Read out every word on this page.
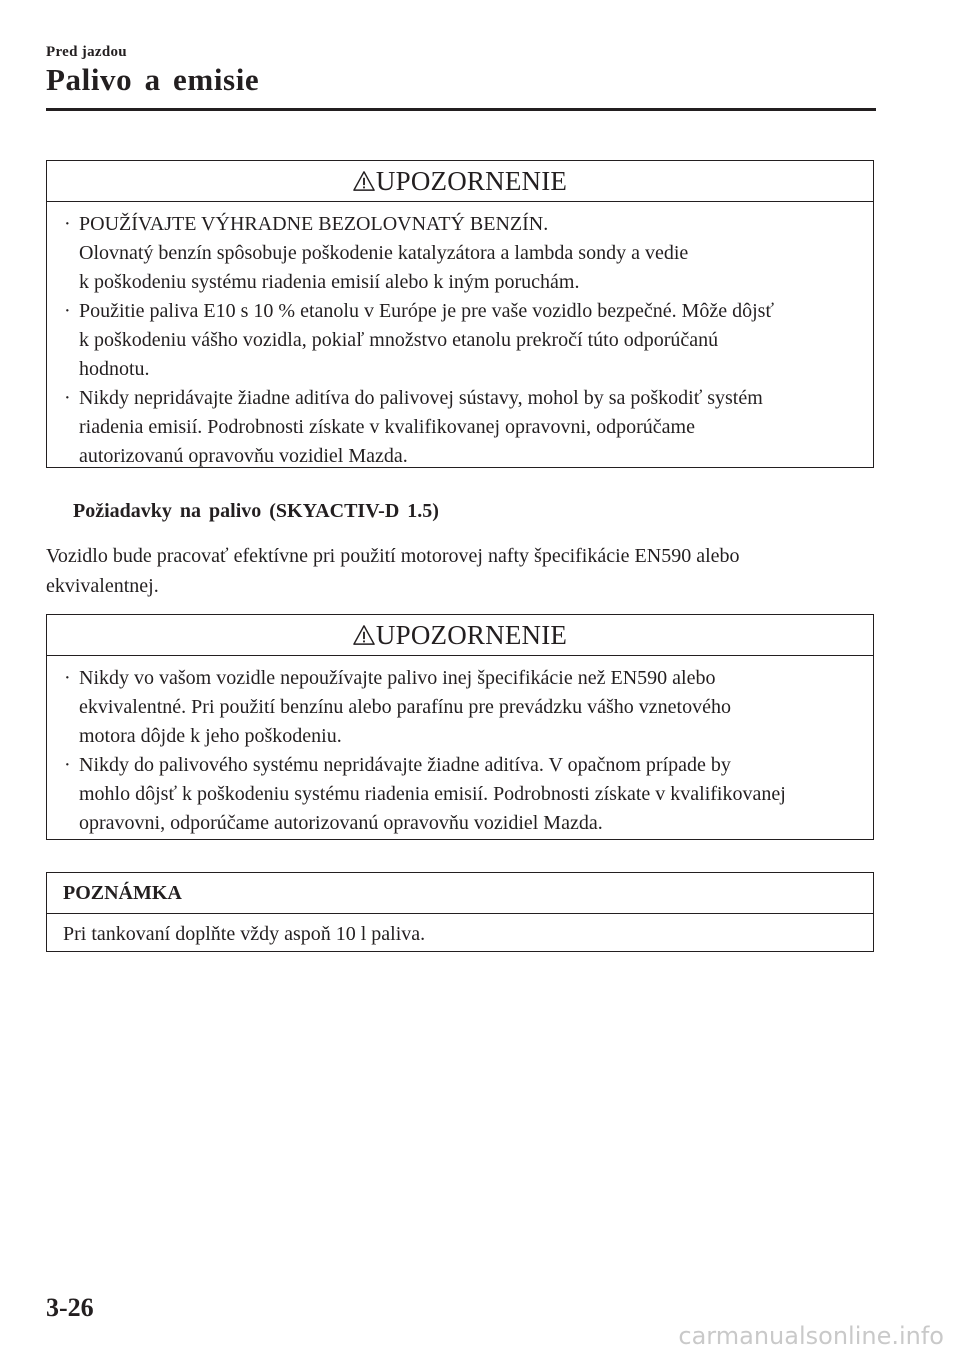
Pred jazdou
Palivo a emisie
UPOZORNENIE
· POUŽÍVAJTE VÝHRADNE BEZOLOVNATÝ BENZÍN.
Olovnatý benzín spôsobuje poškodenie katalyzátora a lambda sondy a vedie
k poškodeniu systému riadenia emisií alebo k iným poruchám.
· Použitie paliva E10 s 10 % etanolu v Európe je pre vaše vozidlo bezpečné. Môže dôjsť
k poškodeniu vášho vozidla, pokiaľ množstvo etanolu prekročí túto odporúčanú
hodnotu.
· Nikdy nepridávajte žiadne aditíva do palivovej sústavy, mohol by sa poškodiť systém
riadenia emisií. Podrobnosti získate v kvalifikovanej opravovni, odporúčame
autorizovanú opravovňu vozidiel Mazda.
Požiadavky na palivo (SKYACTIV-D 1.5)
Vozidlo bude pracovať efektívne pri použití motorovej nafty špecifikácie EN590 alebo
ekvivalentnej.
UPOZORNENIE
· Nikdy vo vašom vozidle nepoužívajte palivo inej špecifikácie než EN590 alebo
ekvivalentné. Pri použití benzínu alebo parafínu pre prevádzku vášho vznetového
motora dôjde k jeho poškodeniu.
· Nikdy do palivového systému nepridávajte žiadne aditíva. V opačnom prípade by
mohlo dôjsť k poškodeniu systému riadenia emisií. Podrobnosti získate v kvalifikovanej
opravovni, odporúčame autorizovanú opravovňu vozidiel Mazda.
POZNÁMKA
Pri tankovaní doplňte vždy aspoň 10 l paliva.
3-26
carmanualsonline.info
